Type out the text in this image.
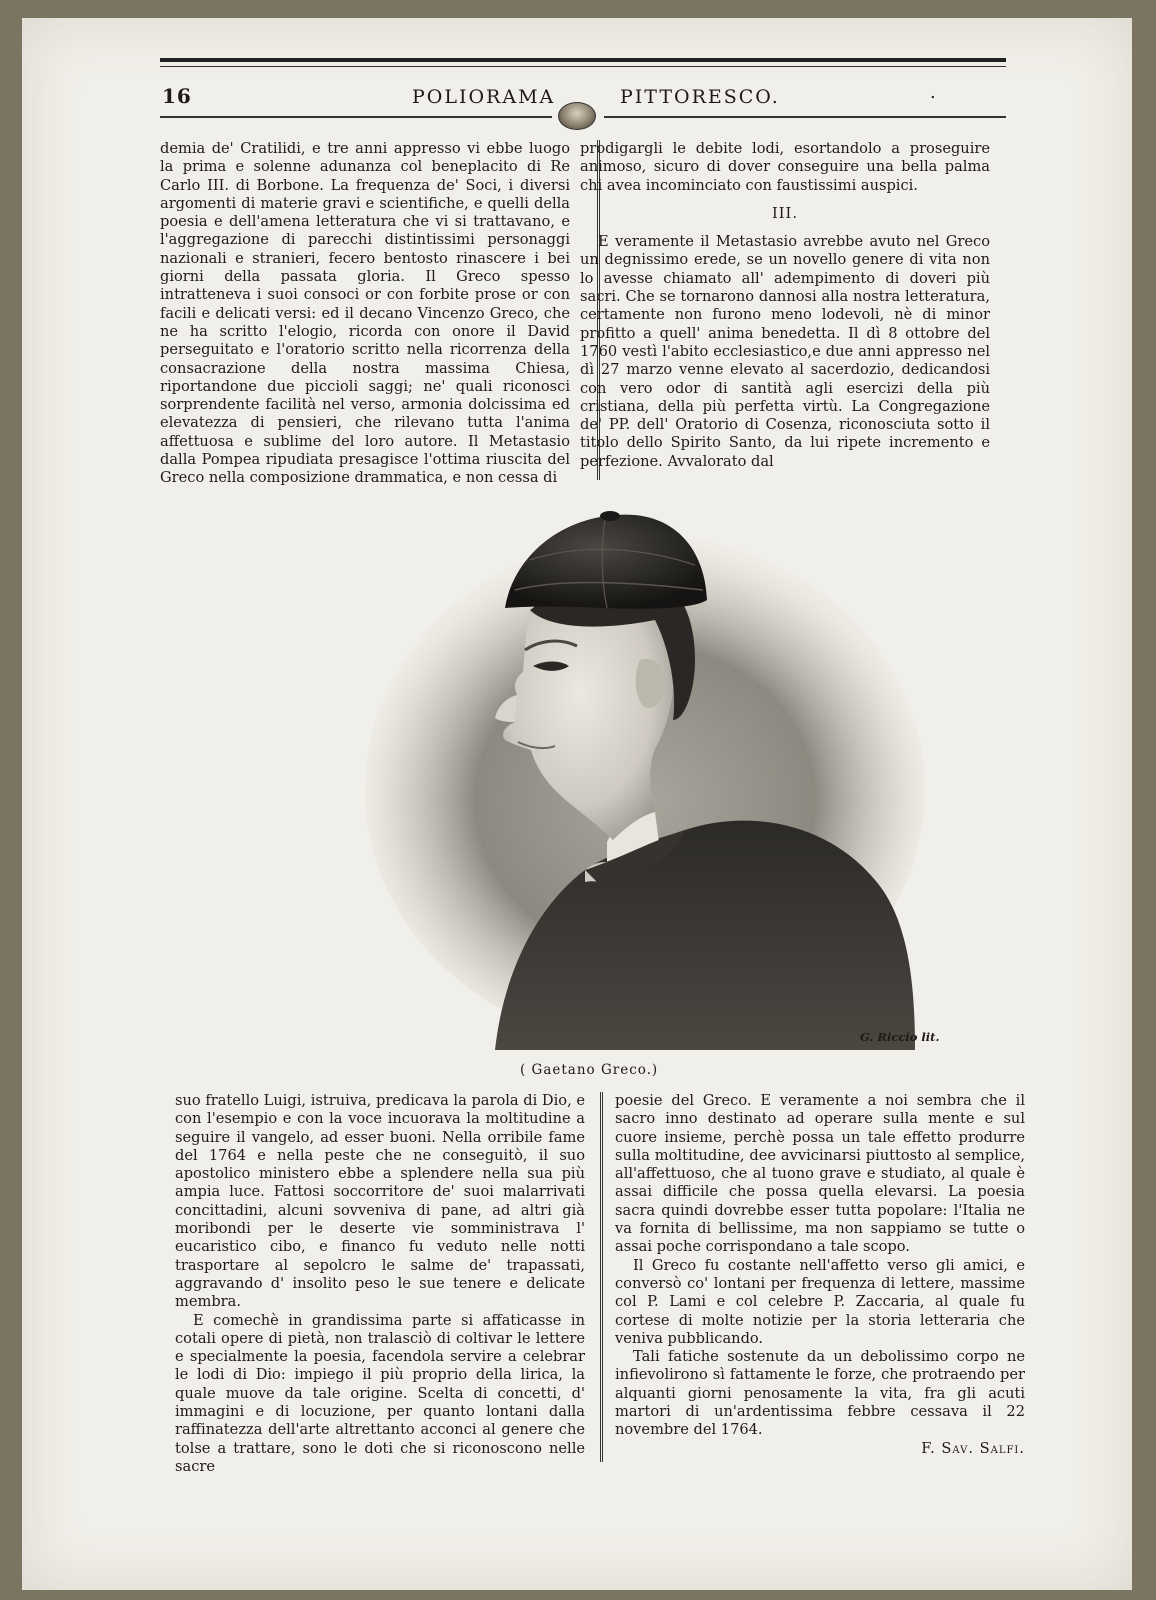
16	POLIORAMA	PITTORESCO.	.

demia de' Cratilidi, e tre anni appresso vi ebbe luogo la prima e solenne adunanza col beneplacito di Re Carlo III. di Borbone. La frequenza de' Soci, i diversi argomenti di materie gravi e scientifiche, e quelli della poesia e dell'amena letteratura che vi si trattavano, e l'aggregazione di parecchi distintissimi personaggi nazionali e stranieri, fecero bentosto rinascere i bei giorni della passata gloria. Il Greco spesso intratteneva i suoi consoci or con forbite prose or con facili e delicati versi: ed il decano Vincenzo Greco, che ne ha scritto l'elogio, ricorda con onore il David perseguitato e l'oratorio scritto nella ricorrenza della consacrazione della nostra massima Chiesa, riportandone due piccioli saggi; ne' quali riconosci sorprendente facilità nel verso, armonia dolcissima ed elevatezza di pensieri, che rilevano tutta l'anima affettuosa e sublime del loro autore. Il Metastasio dalla Pompea ripudiata presagisce l'ottima riuscita del Greco nella composizione drammatica, e non cessa di

prodigargli le debite lodi, esortandolo a proseguire animoso, sicuro di dover conseguire una bella palma chi avea incominciato con faustissimi auspici.

III.

E veramente il Metastasio avrebbe avuto nel Greco un degnissimo erede, se un novello genere di vita non lo avesse chiamato all' adempimento di doveri più sacri. Che se tornarono dannosi alla nostra letteratura, certamente non furono meno lodevoli, nè di minor profitto a quell' anima benedetta. Il dì 8 ottobre del 1760 vestì l'abito ecclesiastico,e due anni appresso nel dì 27 marzo venne elevato al sacerdozio, dedicandosi con vero odor di santità agli esercizi della più cristiana, della più perfetta virtù. La Congregazione de' PP. dell' Oratorio di Cosenza, riconosciuta sotto il titolo dello Spirito Santo, da lui ripete incremento e perfezione. Avvalorato dal

G. Riccio lit.
( Gaetano Greco.)

suo fratello Luigi, istruiva, predicava la parola di Dio, e con l'esempio e con la voce incuorava la moltitudine a seguire il vangelo, ad esser buoni. Nella orribile fame del 1764 e nella peste che ne conseguitò, il suo apostolico ministero ebbe a splendere nella sua più ampia luce. Fattosi soccorritore de' suoi malarrivati concittadini, alcuni sovveniva di pane, ad altri già moribondi per le deserte vie somministrava l' eucaristico cibo, e financo fu veduto nelle notti trasportare al sepolcro le salme de' trapassati, aggravando d' insolito peso le sue tenere e delicate membra.

E comechè in grandissima parte si affaticasse in cotali opere di pietà, non tralasciò di coltivar le lettere e specialmente la poesia, facendola servire a celebrar le lodi di Dio: impiego il più proprio della lirica, la quale muove da tale origine. Scelta di concetti, d' immagini e di locuzione, per quanto lontani dalla raffinatezza dell'arte altrettanto acconci al genere che tolse a trattare, sono le doti che si riconoscono nelle sacre

poesie del Greco. E veramente a noi sembra che il sacro inno destinato ad operare sulla mente e sul cuore insieme, perchè possa un tale effetto produrre sulla moltitudine, dee avvicinarsi piuttosto al semplice, all'affettuoso, che al tuono grave e studiato, al quale è assai difficile che possa quella elevarsi. La poesia sacra quindi dovrebbe esser tutta popolare: l'Italia ne va fornita di bellissime, ma non sappiamo se tutte o assai poche corrispondano a tale scopo.

Il Greco fu costante nell'affetto verso gli amici, e conversò co' lontani per frequenza di lettere, massime col P. Lami e col celebre P. Zaccaria, al quale fu cortese di molte notizie per la storia letteraria che veniva pubblicando.

Tali fatiche sostenute da un debolissimo corpo ne infievolirono sì fattamente le forze, che protraendo per alquanti giorni penosamente la vita, fra gli acuti martori di un'ardentissima febbre cessava il 22 novembre del 1764.

F. Sav. Salfi.
